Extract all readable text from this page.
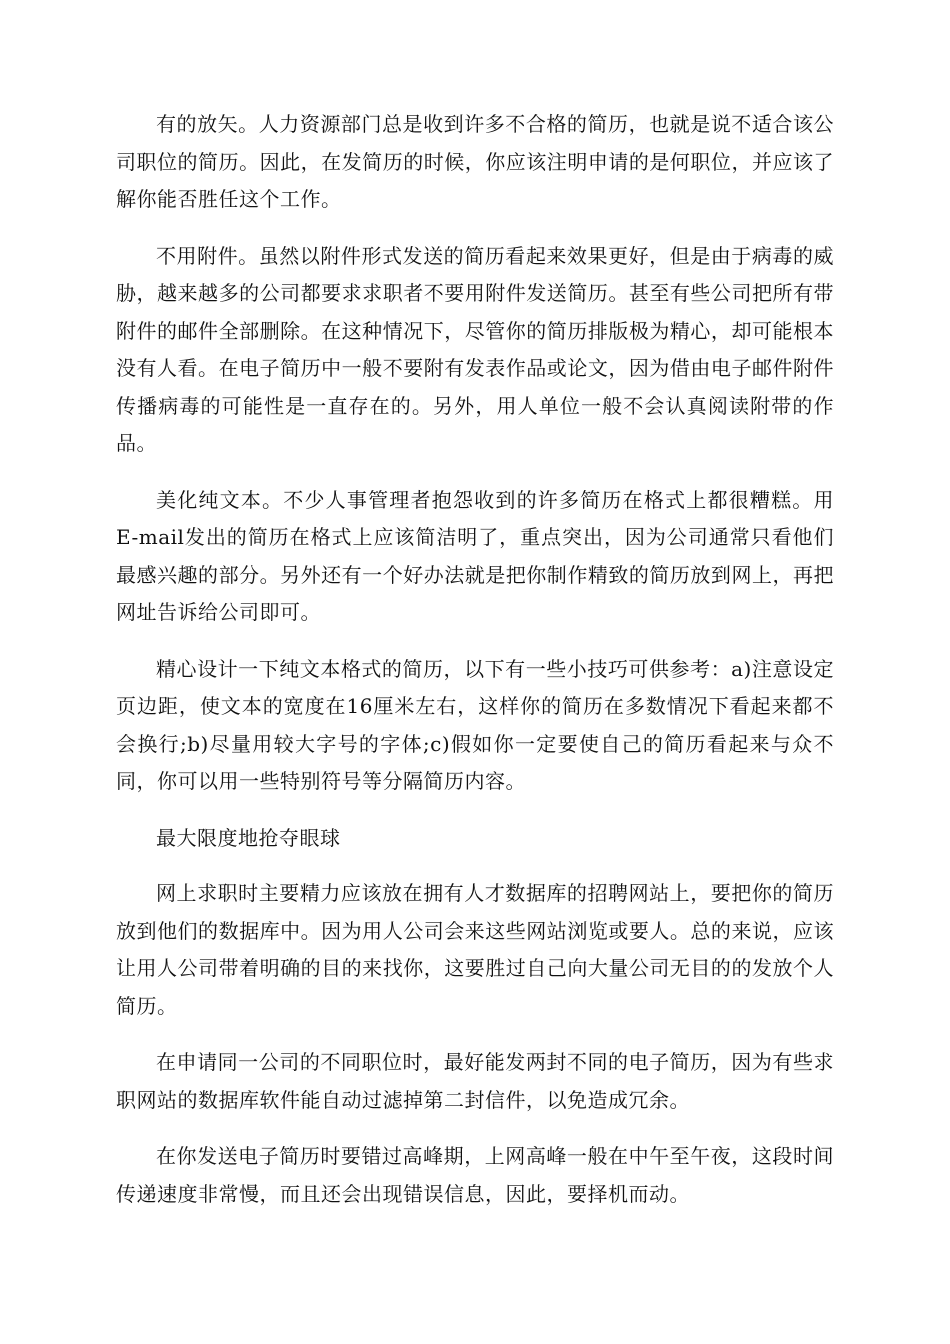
有的放矢。人力资源部门总是收到许多不合格的简历，也就是说不适合该公司职位的简历。因此，在发简历的时候，你应该注明申请的是何职位，并应该了解你能否胜任这个工作。

不用附件。虽然以附件形式发送的简历看起来效果更好，但是由于病毒的威胁，越来越多的公司都要求求职者不要用附件发送简历。甚至有些公司把所有带附件的邮件全部删除。在这种情况下，尽管你的简历排版极为精心，却可能根本没有人看。在电子简历中一般不要附有发表作品或论文，因为借由电子邮件附件传播病毒的可能性是一直存在的。另外，用人单位一般不会认真阅读附带的作品。

美化纯文本。不少人事管理者抱怨收到的许多简历在格式上都很糟糕。用E-mail发出的简历在格式上应该简洁明了，重点突出，因为公司通常只看他们最感兴趣的部分。另外还有一个好办法就是把你制作精致的简历放到网上，再把网址告诉给公司即可。

精心设计一下纯文本格式的简历，以下有一些小技巧可供参考：a)注意设定页边距，使文本的宽度在16厘米左右，这样你的简历在多数情况下看起来都不会换行;b)尽量用较大字号的字体;c)假如你一定要使自己的简历看起来与众不同，你可以用一些特别符号等分隔简历内容。

最大限度地抢夺眼球

网上求职时主要精力应该放在拥有人才数据库的招聘网站上，要把你的简历放到他们的数据库中。因为用人公司会来这些网站浏览或要人。总的来说，应该让用人公司带着明确的目的来找你，这要胜过自己向大量公司无目的的发放个人简历。

在申请同一公司的不同职位时，最好能发两封不同的电子简历，因为有些求职网站的数据库软件能自动过滤掉第二封信件，以免造成冗余。

在你发送电子简历时要错过高峰期，上网高峰一般在中午至午夜，这段时间传递速度非常慢，而且还会出现错误信息，因此，要择机而动。
